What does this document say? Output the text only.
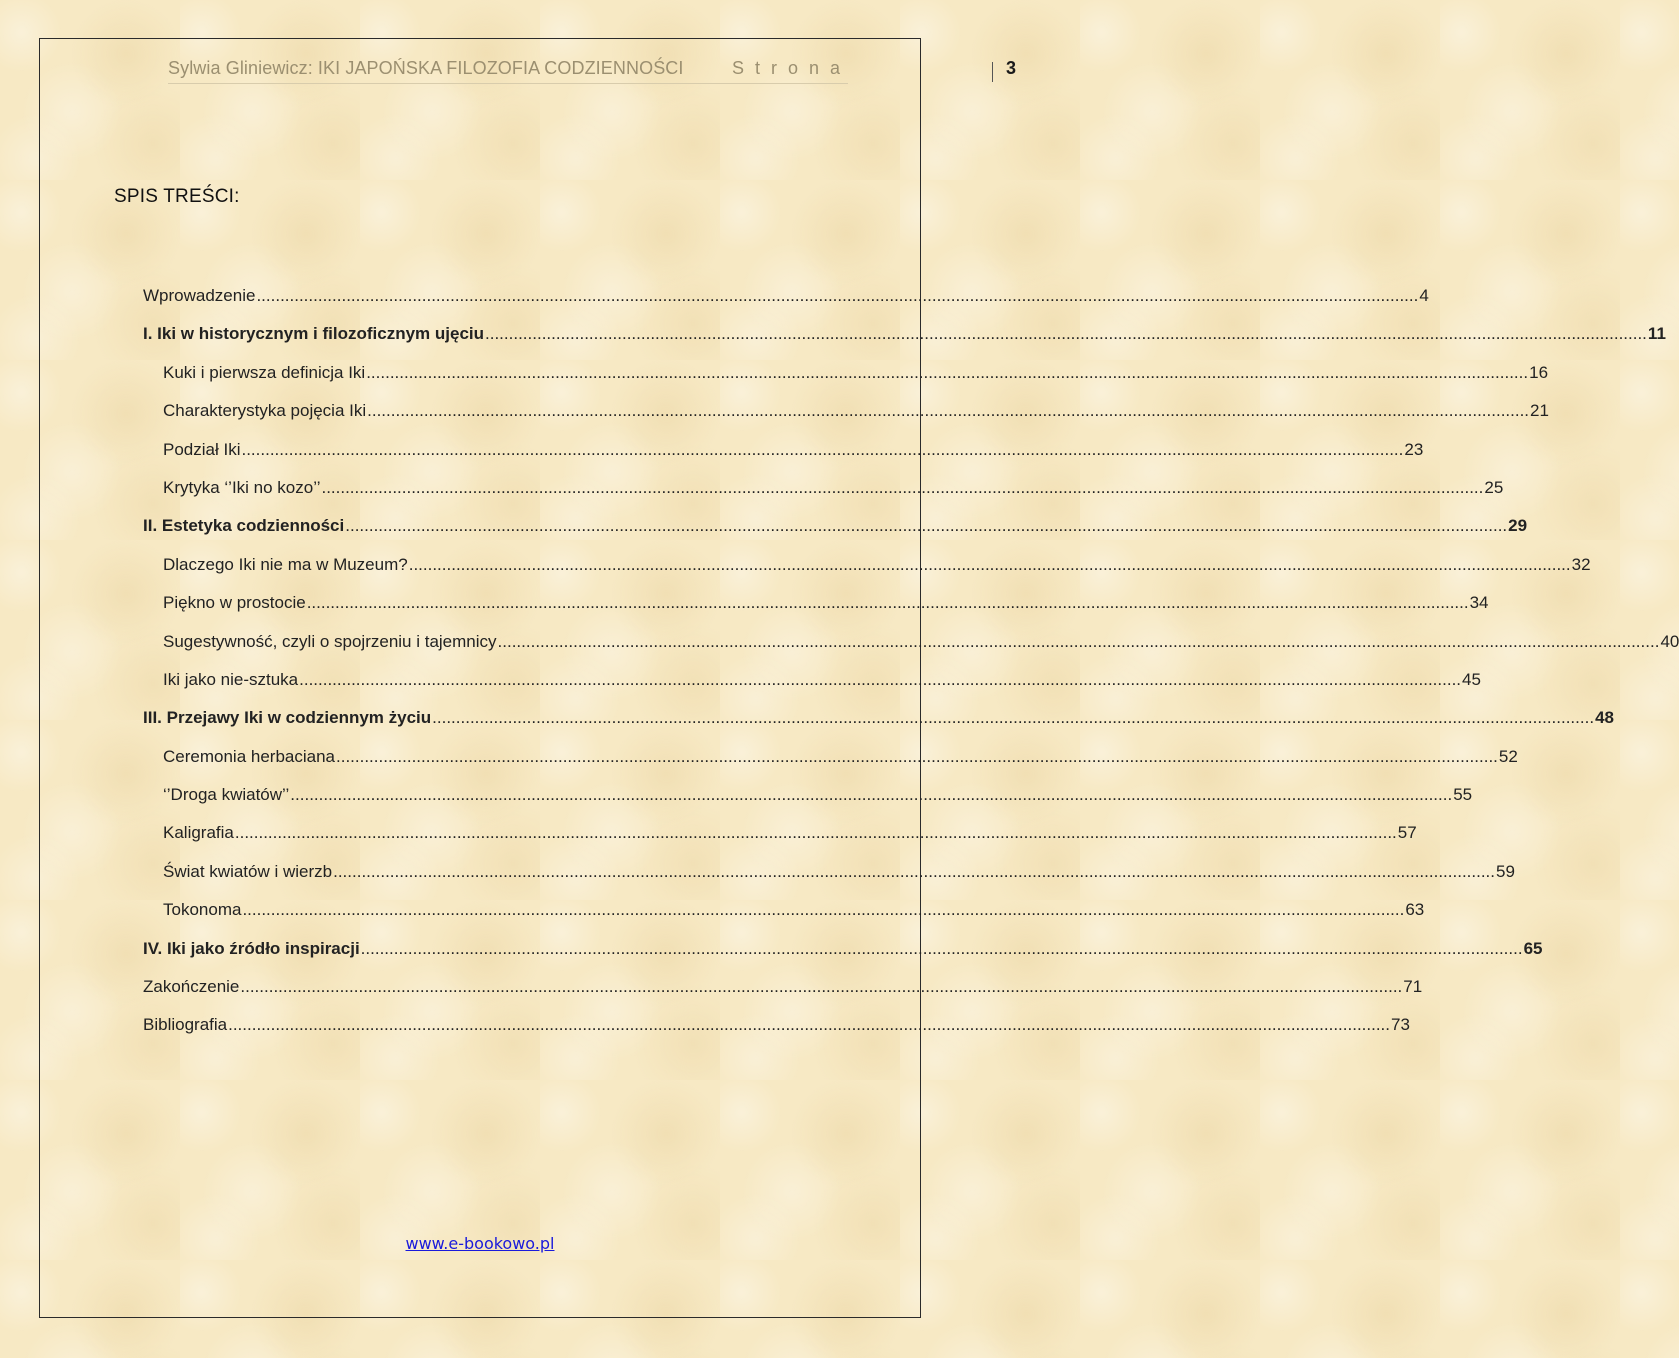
Sylwia Gliniewicz: IKI JAPOŃSKA FILOZOFIA CODZIENNOŚCI	S t r o n a	3
SPIS TREŚCI:
Wprowadzenie .....	4
I. Iki w historycznym i filozoficznym ujęciu .....	11
Kuki i pierwsza definicja Iki .....	16
Charakterystyka pojęcia Iki .....	21
Podział Iki .....	23
Krytyka ‘’Iki no kozo’’ .....	25
II. Estetyka codzienności .....	29
Dlaczego Iki nie ma w Muzeum? .....	32
Piękno w prostocie .....	34
Sugestywność, czyli o spojrzeniu i tajemnicy .....	40
Iki jako nie-sztuka .....	45
III. Przejawy Iki w codziennym życiu .....	48
Ceremonia herbaciana .....	52
‘’Droga kwiatów’’ .....	55
Kaligrafia .....	57
Świat kwiatów i wierzb .....	59
Tokonoma .....	63
IV. Iki jako źródło inspiracji .....	65
Zakończenie .....	71
Bibliografia .....	73
www.e-bookowo.pl
